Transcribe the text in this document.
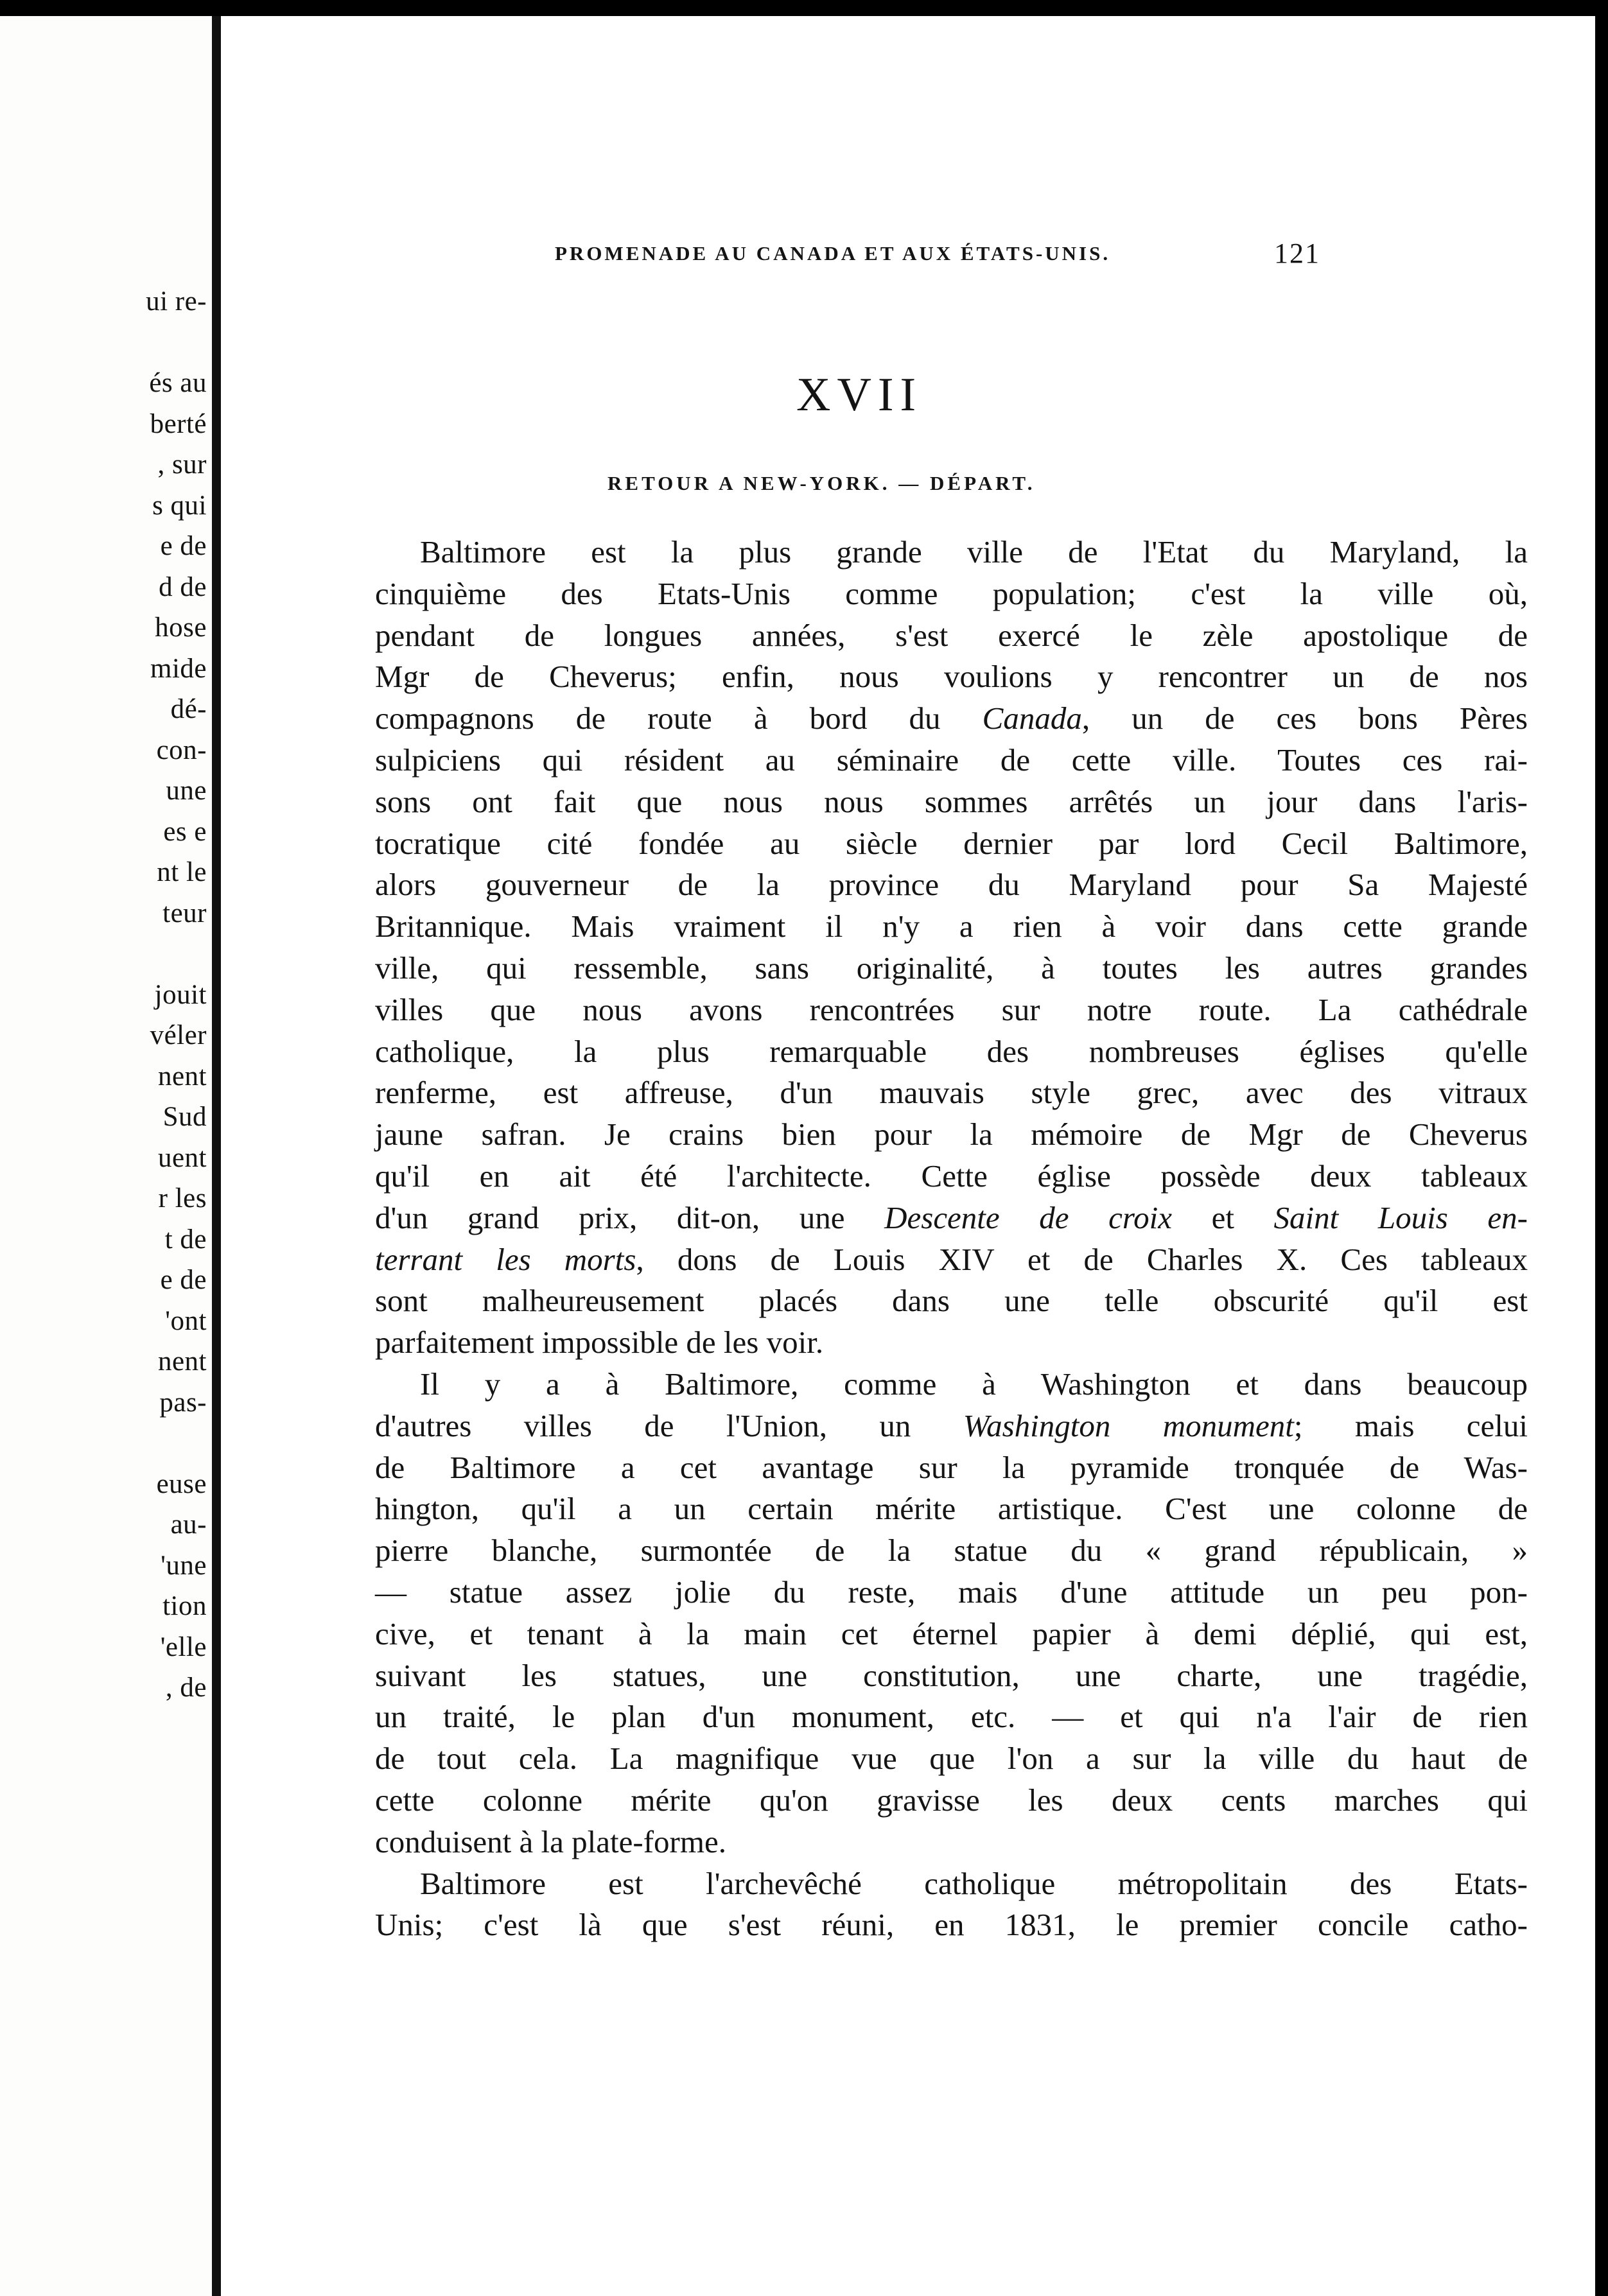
ui re-
és au
berté
, sur
s qui
e de
d de
hose
mide
dé-
con-
une
es e
nt le
teur
jouit
véler
nent
Sud
uent
r les
t de
e de
'ont
nent
pas-
euse
au-
'une
tion
'elle
, de
PROMENADE AU CANADA ET AUX ÉTATS-UNIS.	121
XVII
RETOUR A NEW-YORK. — DÉPART.
Baltimore est la plus grande ville de l'Etat du Maryland, la
cinquième des Etats-Unis comme population; c'est la ville où,
pendant de longues années, s'est exercé le zèle apostolique de
Mgr de Cheverus; enfin, nous voulions y rencontrer un de nos
compagnons de route à bord du Canada, un de ces bons Pères
sulpiciens qui résident au séminaire de cette ville. Toutes ces rai-
sons ont fait que nous nous sommes arrêtés un jour dans l'aris-
tocratique cité fondée au siècle dernier par lord Cecil Baltimore,
alors gouverneur de la province du Maryland pour Sa Majesté
Britannique. Mais vraiment il n'y a rien à voir dans cette grande
ville, qui ressemble, sans originalité, à toutes les autres grandes
villes que nous avons rencontrées sur notre route. La cathédrale
catholique, la plus remarquable des nombreuses églises qu'elle
renferme, est affreuse, d'un mauvais style grec, avec des vitraux
jaune safran. Je crains bien pour la mémoire de Mgr de Cheverus
qu'il en ait été l'architecte. Cette église possède deux tableaux
d'un grand prix, dit-on, une Descente de croix et Saint Louis en-
terrant les morts, dons de Louis XIV et de Charles X. Ces tableaux
sont malheureusement placés dans une telle obscurité qu'il est
parfaitement impossible de les voir.
Il y a à Baltimore, comme à Washington et dans beaucoup
d'autres villes de l'Union, un Washington monument; mais celui
de Baltimore a cet avantage sur la pyramide tronquée de Was-
hington, qu'il a un certain mérite artistique. C'est une colonne de
pierre blanche, surmontée de la statue du « grand républicain, »
— statue assez jolie du reste, mais d'une attitude un peu pon-
cive, et tenant à la main cet éternel papier à demi déplié, qui est,
suivant les statues, une constitution, une charte, une tragédie,
un traité, le plan d'un monument, etc. — et qui n'a l'air de rien
de tout cela. La magnifique vue que l'on a sur la ville du haut de
cette colonne mérite qu'on gravisse les deux cents marches qui
conduisent à la plate-forme.
Baltimore est l'archevêché catholique métropolitain des Etats-
Unis; c'est là que s'est réuni, en 1831, le premier concile catho-
